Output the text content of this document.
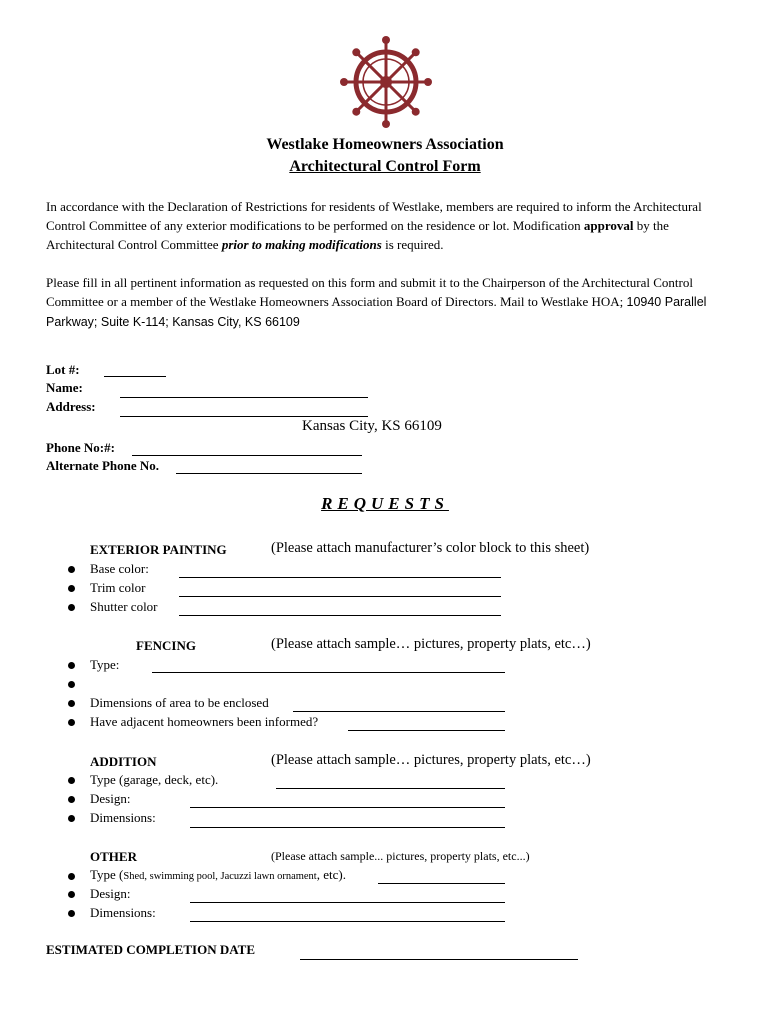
Westlake Homeowners Association
Architectural Control Form
In accordance with the Declaration of Restrictions for residents of Westlake, members are required to inform the Architectural Control Committee of any exterior modifications to be performed on the residence or lot. Modification approval by the Architectural Control Committee prior to making modifications is required.
Please fill in all pertinent information as requested on this form and submit it to the Chairperson of the Architectural Control Committee or a member of the Westlake Homeowners Association Board of Directors. Mail to Westlake HOA; 10940 Parallel Parkway; Suite K-114; Kansas City, KS 66109
Lot #:
Name:
Address:
Kansas City, KS 66109
Phone No:#:
Alternate Phone No.
REQUESTS
EXTERIOR PAINTING	(Please attach manufacturer’s color block to this sheet)
Base color:
Trim color
Shutter color
FENCING	(Please attach sample… pictures, property plats, etc…)
Type:
Dimensions of area to be enclosed
Have adjacent homeowners been informed?
ADDITION	(Please attach sample… pictures, property plats, etc…)
Type (garage, deck, etc).
Design:
Dimensions:
OTHER	(Please attach sample... pictures, property plats, etc...)
Type (Shed, swimming pool, Jacuzzi lawn ornament, etc).
Design:
Dimensions:
ESTIMATED COMPLETION DATE
